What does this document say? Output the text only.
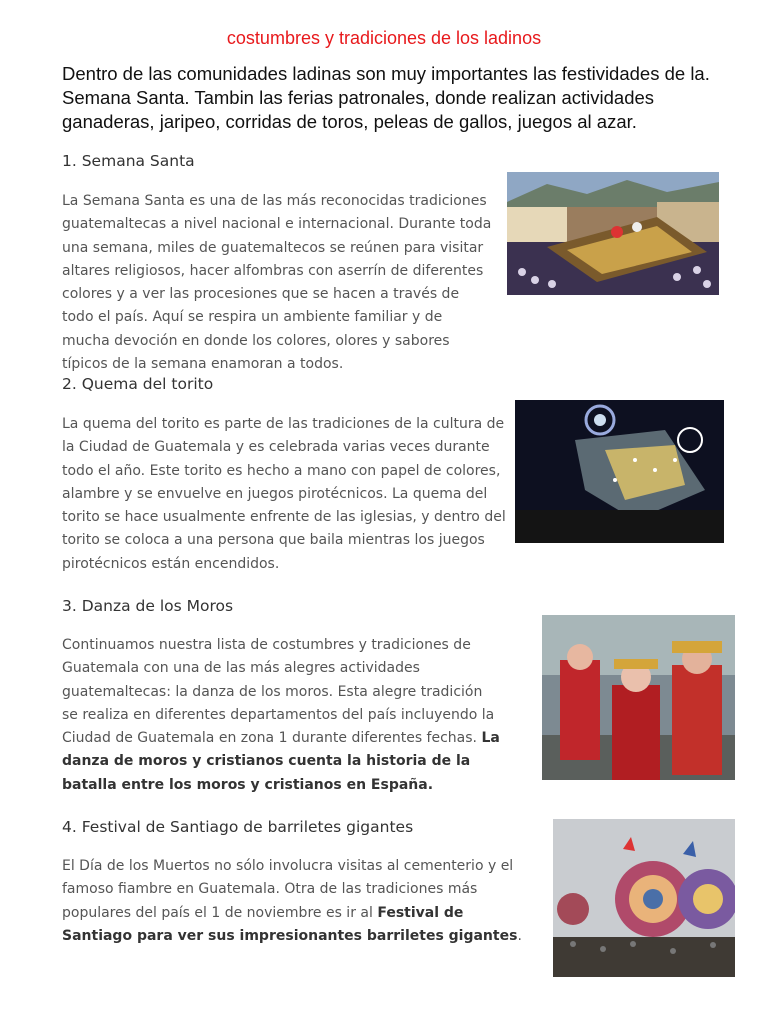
costumbres y tradiciones de los ladinos
Dentro de las comunidades ladinas son muy importantes las festividades de la. Semana Santa. Tambin las ferias patronales, donde realizan actividades ganaderas, jaripeo, corridas de toros, peleas de gallos, juegos al azar.
1. Semana Santa

La Semana Santa es una de las más reconocidas tradiciones guatemaltecas a nivel nacional e internacional. Durante toda una semana, miles de guatemaltecos se reúnen para visitar altares religiosos, hacer alfombras con aserrín de diferentes colores y a ver las procesiones que se hacen a través de todo el país. Aquí se respira un ambiente familiar y de mucha devoción en donde los colores, olores y sabores típicos de la semana enamoran a todos.

2. Quema del torito

La quema del torito es parte de las tradiciones de la cultura de la Ciudad de Guatemala y es celebrada varias veces durante todo el año. Este torito es hecho a mano con papel de colores, alambre y se envuelve en juegos pirotécnicos. La quema del torito se hace usualmente enfrente de las iglesias, y dentro del torito se coloca a una persona que baila mientras los juegos pirotécnicos están encendidos.

3. Danza de los Moros

Continuamos nuestra lista de costumbres y tradiciones de Guatemala con una de las más alegres actividades guatemaltecas: la danza de los moros. Esta alegre tradición se realiza en diferentes departamentos del país incluyendo la Ciudad de Guatemala en zona 1 durante diferentes fechas. La danza de moros y cristianos cuenta la historia de la batalla entre los moros y cristianos en España.

4. Festival de Santiago de barriletes gigantes

El Día de los Muertos no sólo involucra visitas al cementerio y el famoso fiambre en Guatemala. Otra de las tradiciones más populares del país el 1 de noviembre es ir al Festival de Santiago para ver sus impresionantes barriletes gigantes.
